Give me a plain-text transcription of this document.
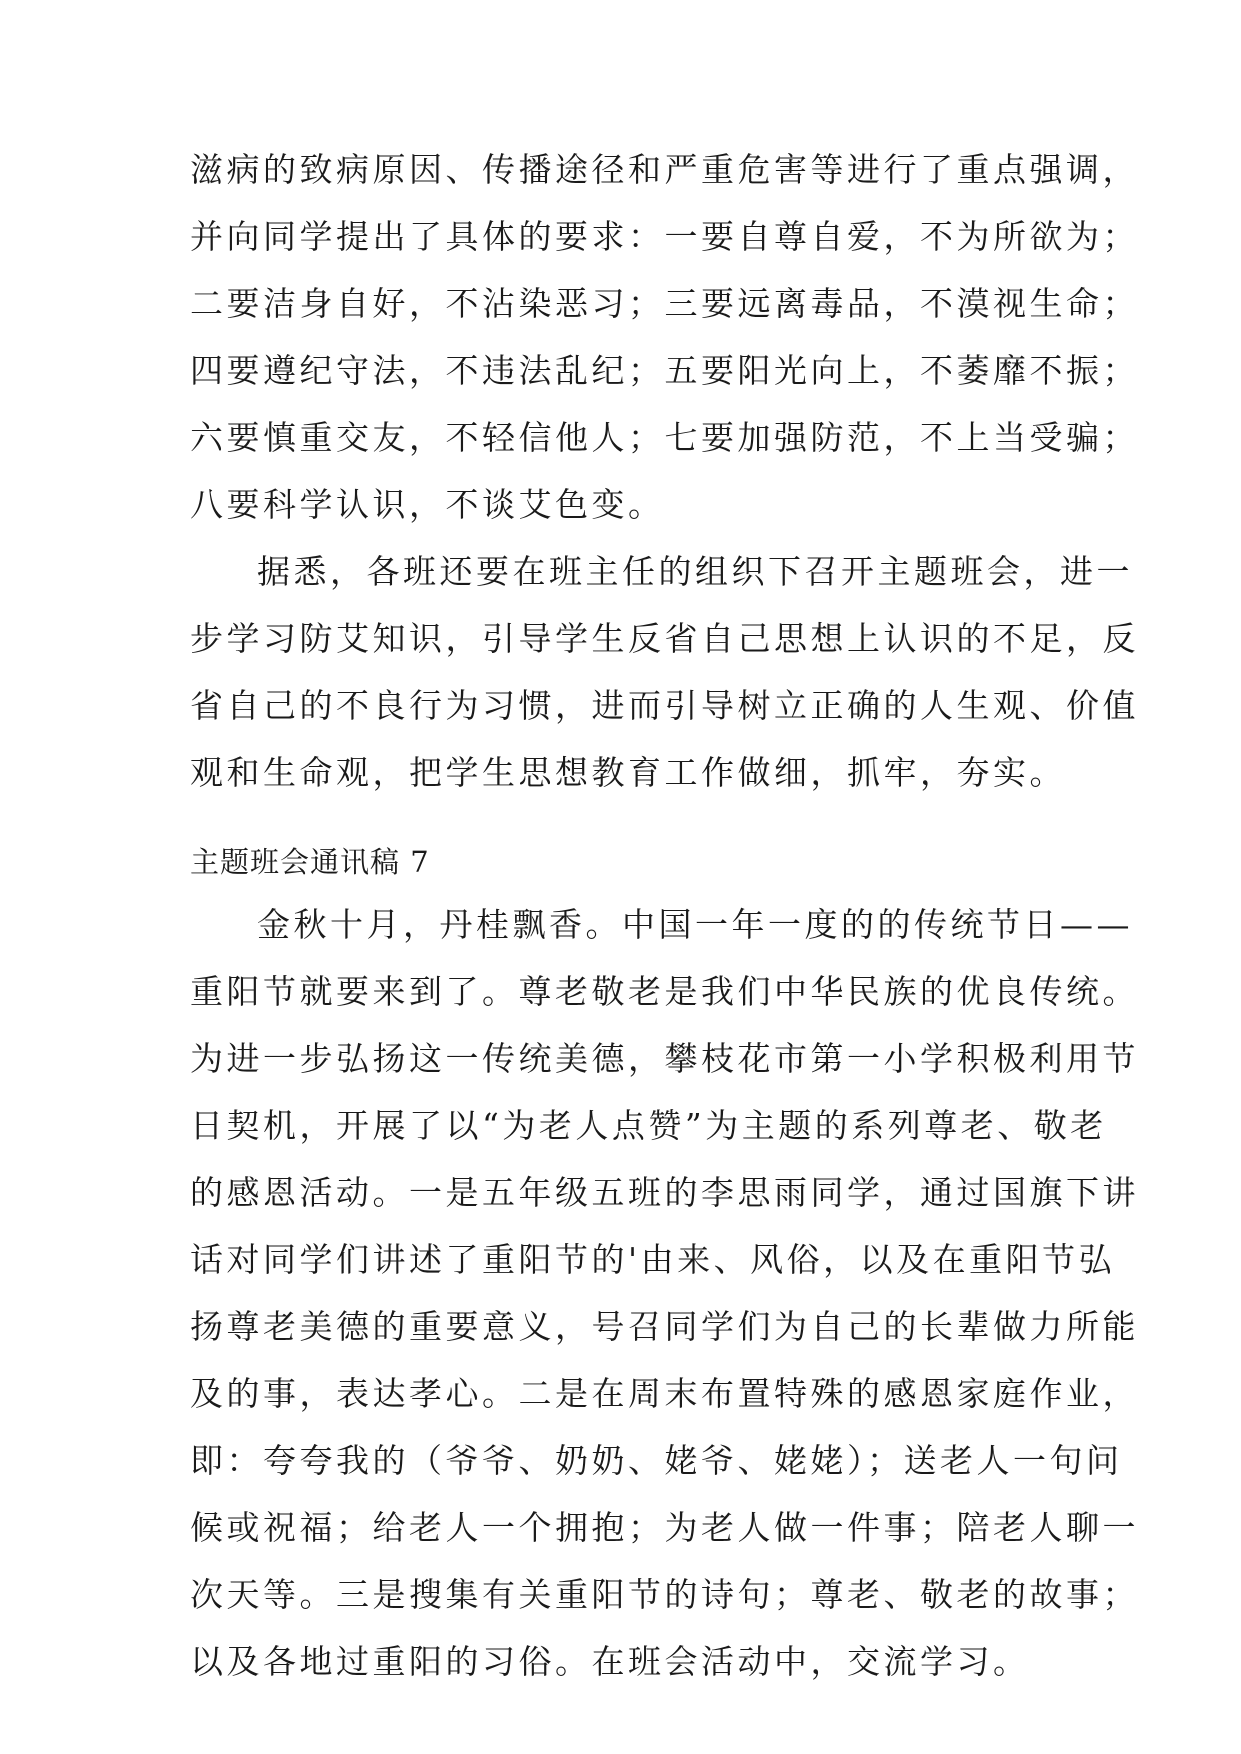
滋病的致病原因、传播途径和严重危害等进行了重点强调，
并向同学提出了具体的要求：一要自尊自爱，不为所欲为；
二要洁身自好，不沾染恶习；三要远离毒品，不漠视生命；
四要遵纪守法，不违法乱纪；五要阳光向上，不萎靡不振；
六要慎重交友，不轻信他人；七要加强防范，不上当受骗；
八要科学认识，不谈艾色变。
据悉，各班还要在班主任的组织下召开主题班会，进一
步学习防艾知识，引导学生反省自己思想上认识的不足，反
省自己的不良行为习惯，进而引导树立正确的人生观、价值
观和生命观，把学生思想教育工作做细，抓牢，夯实。
主题班会通讯稿 7
金秋十月，丹桂飘香。中国一年一度的的传统节日——
重阳节就要来到了。尊老敬老是我们中华民族的优良传统。
为进一步弘扬这一传统美德，攀枝花市第一小学积极利用节
日契机，开展了以“为老人点赞”为主题的系列尊老、敬老
的感恩活动。一是五年级五班的李思雨同学，通过国旗下讲
话对同学们讲述了重阳节的'由来、风俗，以及在重阳节弘
扬尊老美德的重要意义，号召同学们为自己的长辈做力所能
及的事，表达孝心。二是在周末布置特殊的感恩家庭作业，
即：夸夸我的（爷爷、奶奶、姥爷、姥姥）；送老人一句问
候或祝福；给老人一个拥抱；为老人做一件事；陪老人聊一
次天等。三是搜集有关重阳节的诗句；尊老、敬老的故事；
以及各地过重阳的习俗。在班会活动中，交流学习。
